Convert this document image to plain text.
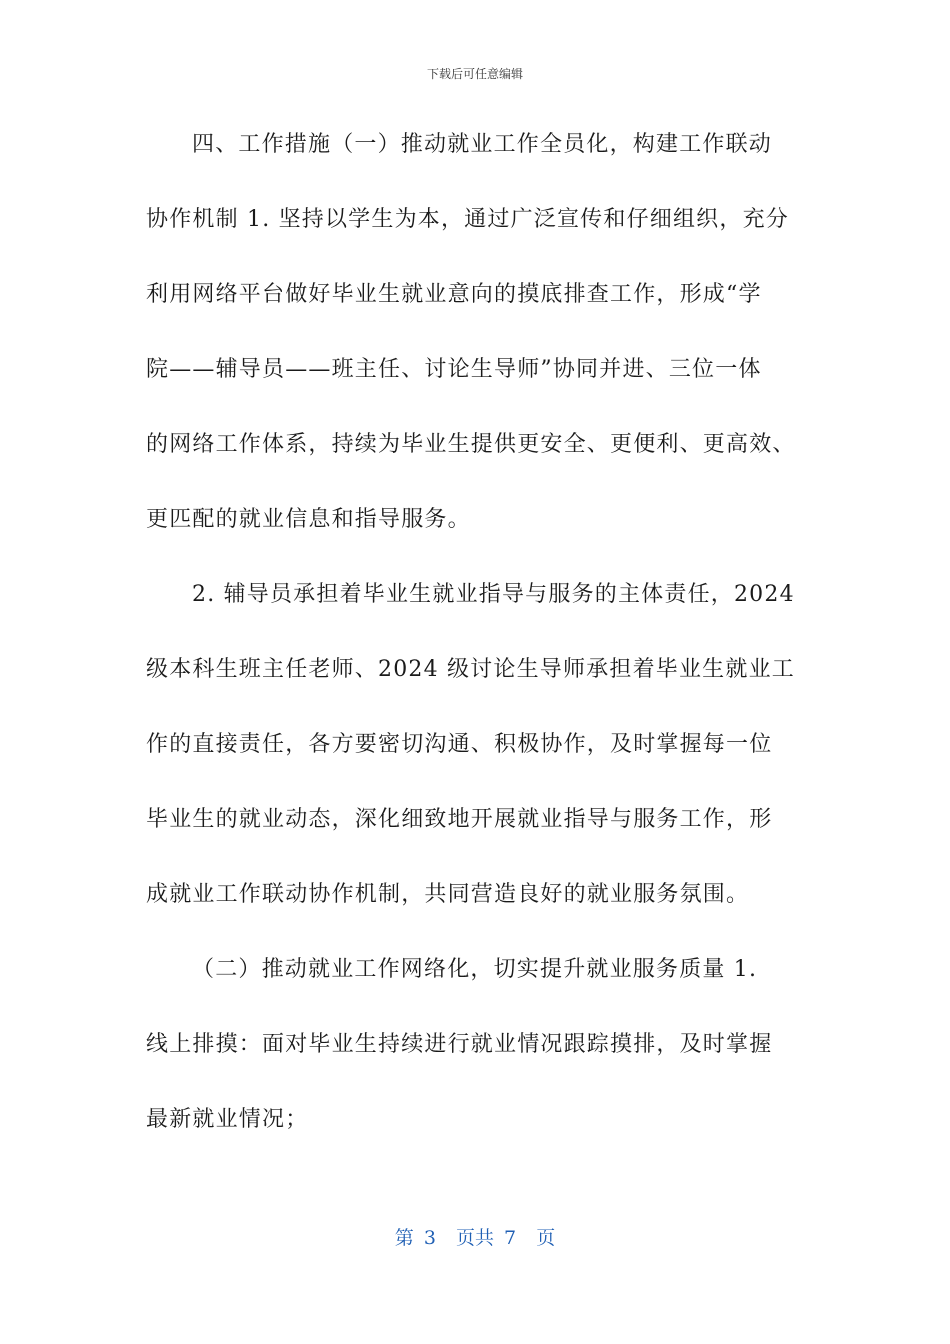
下载后可任意编辑
四、工作措施（一）推动就业工作全员化，构建工作联动
协作机制 1. 坚持以学生为本，通过广泛宣传和仔细组织，充分
利用网络平台做好毕业生就业意向的摸底排查工作，形成“学
院——辅导员——班主任、讨论生导师”协同并进、三位一体
的网络工作体系，持续为毕业生提供更安全、更便利、更高效、
更匹配的就业信息和指导服务。
2. 辅导员承担着毕业生就业指导与服务的主体责任，2024
级本科生班主任老师、2024 级讨论生导师承担着毕业生就业工
作的直接责任，各方要密切沟通、积极协作，及时掌握每一位
毕业生的就业动态，深化细致地开展就业指导与服务工作，形
成就业工作联动协作机制，共同营造良好的就业服务氛围。
（二）推动就业工作网络化，切实提升就业服务质量 1.
线上排摸：面对毕业生持续进行就业情况跟踪摸排，及时掌握
最新就业情况；
第 3  页共 7  页
